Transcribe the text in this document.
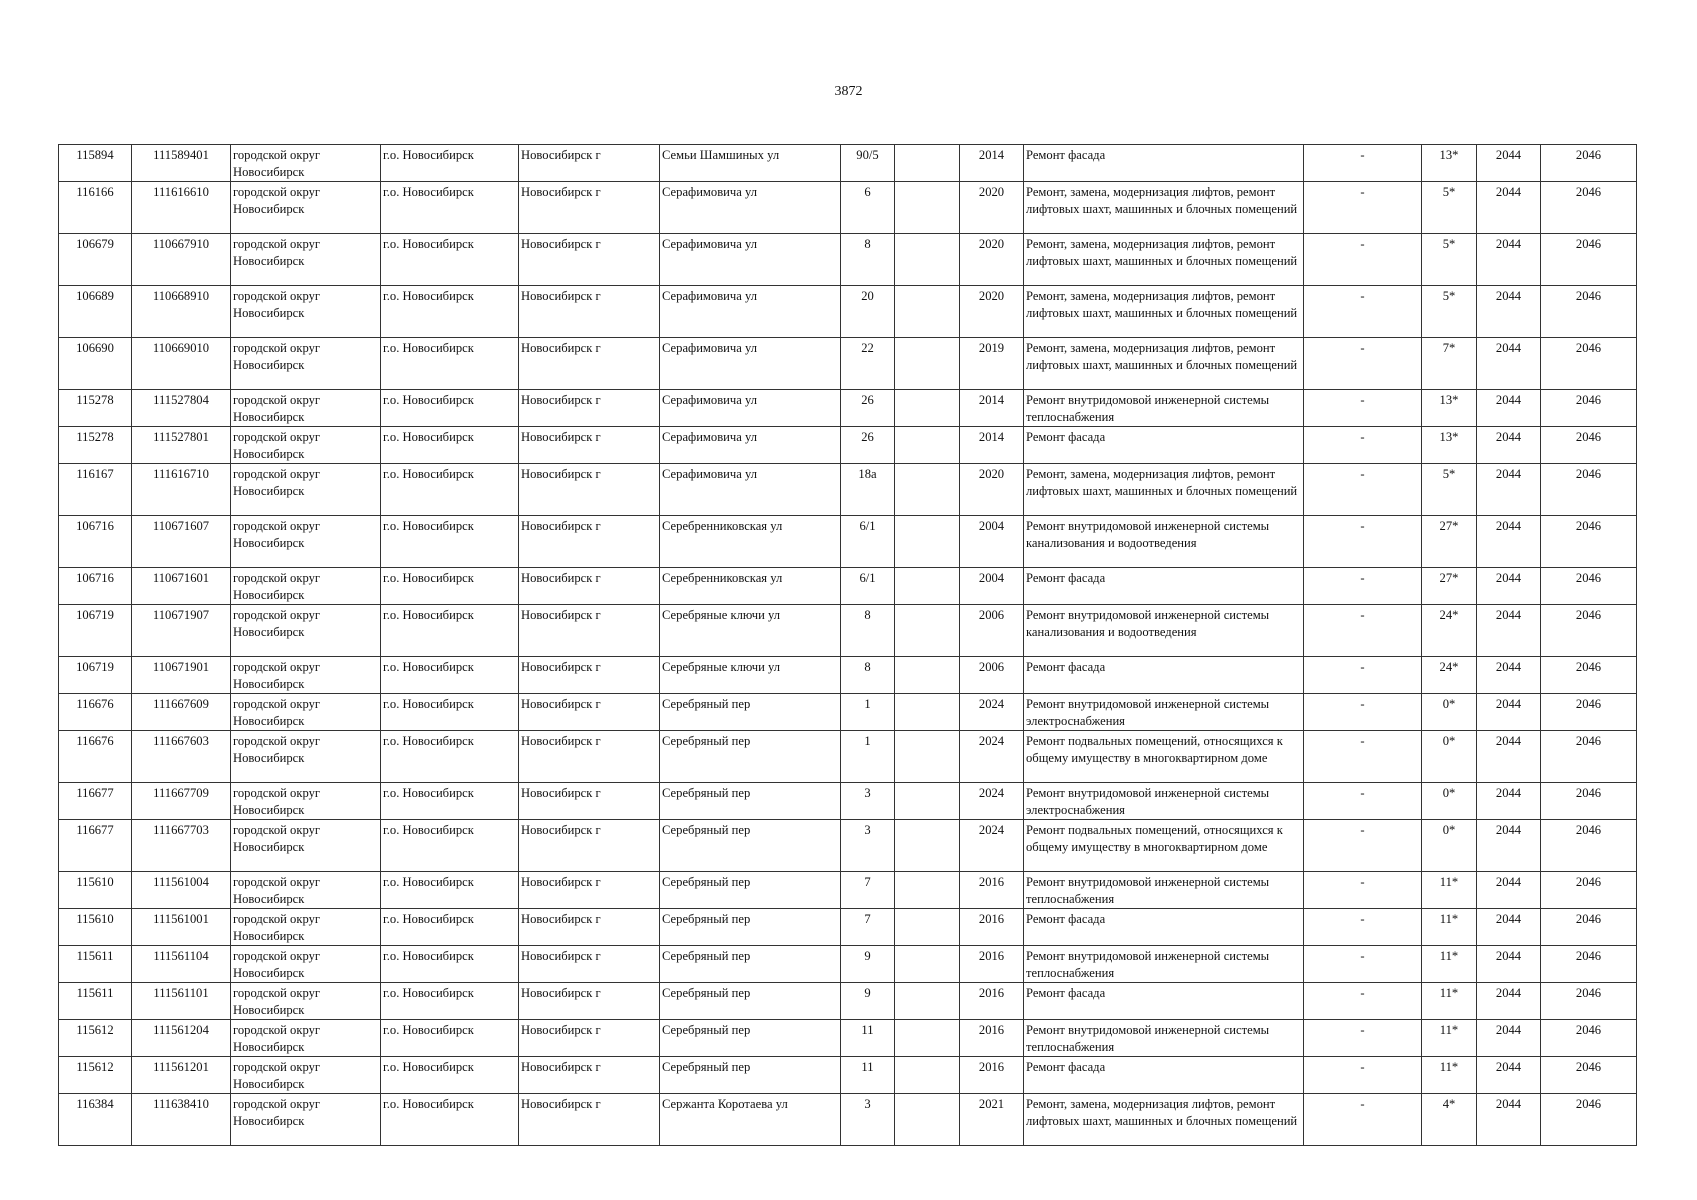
3872
115894	111589401	городской округ Новосибирск	г.о. Новосибирск	Новосибирск г	Семьи Шамшиных ул	90/5		2014	Ремонт фасада	-	13*	2044	2046
116166	111616610	городской округ Новосибирск	г.о. Новосибирск	Новосибирск г	Серафимовича ул	6		2020	Ремонт, замена, модернизация лифтов, ремонт лифтовых шахт, машинных и блочных помещений	-	5*	2044	2046
106679	110667910	городской округ Новосибирск	г.о. Новосибирск	Новосибирск г	Серафимовича ул	8		2020	Ремонт, замена, модернизация лифтов, ремонт лифтовых шахт, машинных и блочных помещений	-	5*	2044	2046
106689	110668910	городской округ Новосибирск	г.о. Новосибирск	Новосибирск г	Серафимовича ул	20		2020	Ремонт, замена, модернизация лифтов, ремонт лифтовых шахт, машинных и блочных помещений	-	5*	2044	2046
106690	110669010	городской округ Новосибирск	г.о. Новосибирск	Новосибирск г	Серафимовича ул	22		2019	Ремонт, замена, модернизация лифтов, ремонт лифтовых шахт, машинных и блочных помещений	-	7*	2044	2046
115278	111527804	городской округ Новосибирск	г.о. Новосибирск	Новосибирск г	Серафимовича ул	26		2014	Ремонт внутридомовой инженерной системы теплоснабжения	-	13*	2044	2046
115278	111527801	городской округ Новосибирск	г.о. Новосибирск	Новосибирск г	Серафимовича ул	26		2014	Ремонт фасада	-	13*	2044	2046
116167	111616710	городской округ Новосибирск	г.о. Новосибирск	Новосибирск г	Серафимовича ул	18а		2020	Ремонт, замена, модернизация лифтов, ремонт лифтовых шахт, машинных и блочных помещений	-	5*	2044	2046
106716	110671607	городской округ Новосибирск	г.о. Новосибирск	Новосибирск г	Серебренниковская ул	6/1		2004	Ремонт внутридомовой инженерной системы канализования и водоотведения	-	27*	2044	2046
106716	110671601	городской округ Новосибирск	г.о. Новосибирск	Новосибирск г	Серебренниковская ул	6/1		2004	Ремонт фасада	-	27*	2044	2046
106719	110671907	городской округ Новосибирск	г.о. Новосибирск	Новосибирск г	Серебряные ключи ул	8		2006	Ремонт внутридомовой инженерной системы канализования и водоотведения	-	24*	2044	2046
106719	110671901	городской округ Новосибирск	г.о. Новосибирск	Новосибирск г	Серебряные ключи ул	8		2006	Ремонт фасада	-	24*	2044	2046
116676	111667609	городской округ Новосибирск	г.о. Новосибирск	Новосибирск г	Серебряный пер	1		2024	Ремонт внутридомовой инженерной системы электроснабжения	-	0*	2044	2046
116676	111667603	городской округ Новосибирск	г.о. Новосибирск	Новосибирск г	Серебряный пер	1		2024	Ремонт подвальных помещений, относящихся к общему имуществу в многоквартирном доме	-	0*	2044	2046
116677	111667709	городской округ Новосибирск	г.о. Новосибирск	Новосибирск г	Серебряный пер	3		2024	Ремонт внутридомовой инженерной системы электроснабжения	-	0*	2044	2046
116677	111667703	городской округ Новосибирск	г.о. Новосибирск	Новосибирск г	Серебряный пер	3		2024	Ремонт подвальных помещений, относящихся к общему имуществу в многоквартирном доме	-	0*	2044	2046
115610	111561004	городской округ Новосибирск	г.о. Новосибирск	Новосибирск г	Серебряный пер	7		2016	Ремонт внутридомовой инженерной системы теплоснабжения	-	11*	2044	2046
115610	111561001	городской округ Новосибирск	г.о. Новосибирск	Новосибирск г	Серебряный пер	7		2016	Ремонт фасада	-	11*	2044	2046
115611	111561104	городской округ Новосибирск	г.о. Новосибирск	Новосибирск г	Серебряный пер	9		2016	Ремонт внутридомовой инженерной системы теплоснабжения	-	11*	2044	2046
115611	111561101	городской округ Новосибирск	г.о. Новосибирск	Новосибирск г	Серебряный пер	9		2016	Ремонт фасада	-	11*	2044	2046
115612	111561204	городской округ Новосибирск	г.о. Новосибирск	Новосибирск г	Серебряный пер	11		2016	Ремонт внутридомовой инженерной системы теплоснабжения	-	11*	2044	2046
115612	111561201	городской округ Новосибирск	г.о. Новосибирск	Новосибирск г	Серебряный пер	11		2016	Ремонт фасада	-	11*	2044	2046
116384	111638410	городской округ Новосибирск	г.о. Новосибирск	Новосибирск г	Сержанта Коротаева ул	3		2021	Ремонт, замена, модернизация лифтов, ремонт лифтовых шахт, машинных и блочных помещений	-	4*	2044	2046
